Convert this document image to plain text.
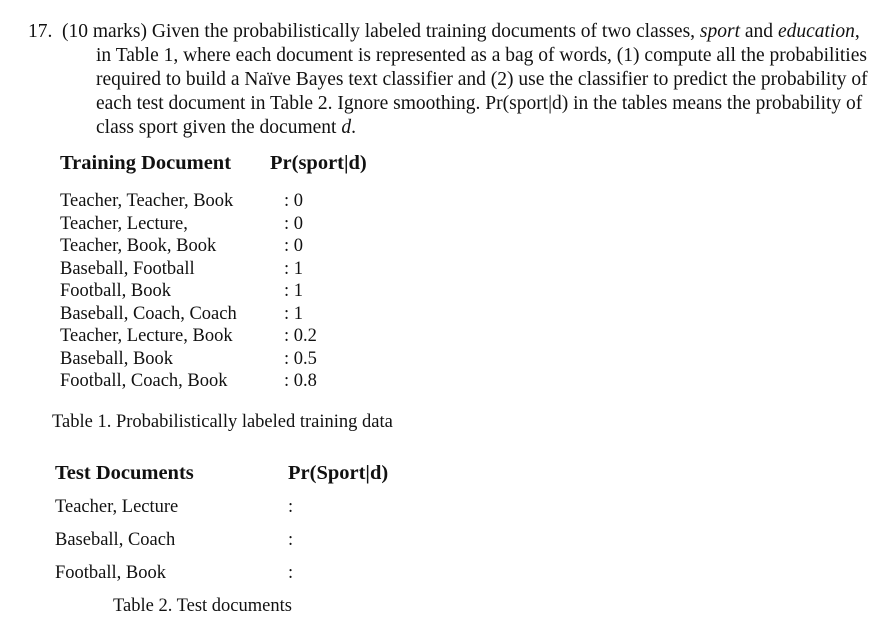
17. (10 marks) Given the probabilistically labeled training documents of two classes, sport and education, in Table 1, where each document is represented as a bag of words, (1) compute all the probabilities required to build a Naïve Bayes text classifier and (2) use the classifier to predict the probability of each test document in Table 2. Ignore smoothing. Pr(sport|d) in the tables means the probability of class sport given the document d.
Training Document Pr(sport|d)
Teacher, Teacher, Book	: 0
Teacher, Lecture,	: 0
Teacher, Book, Book	: 0
Baseball, Football	: 1
Football, Book	: 1
Baseball, Coach, Coach	: 1
Teacher, Lecture, Book	: 0.2
Baseball, Book	: 0.5
Football, Coach, Book	: 0.8
Table 1. Probabilistically labeled training data
Test Documents	Pr(Sport|d)
Teacher, Lecture	:
Baseball, Coach	:
Football, Book	:
Table 2. Test documents
